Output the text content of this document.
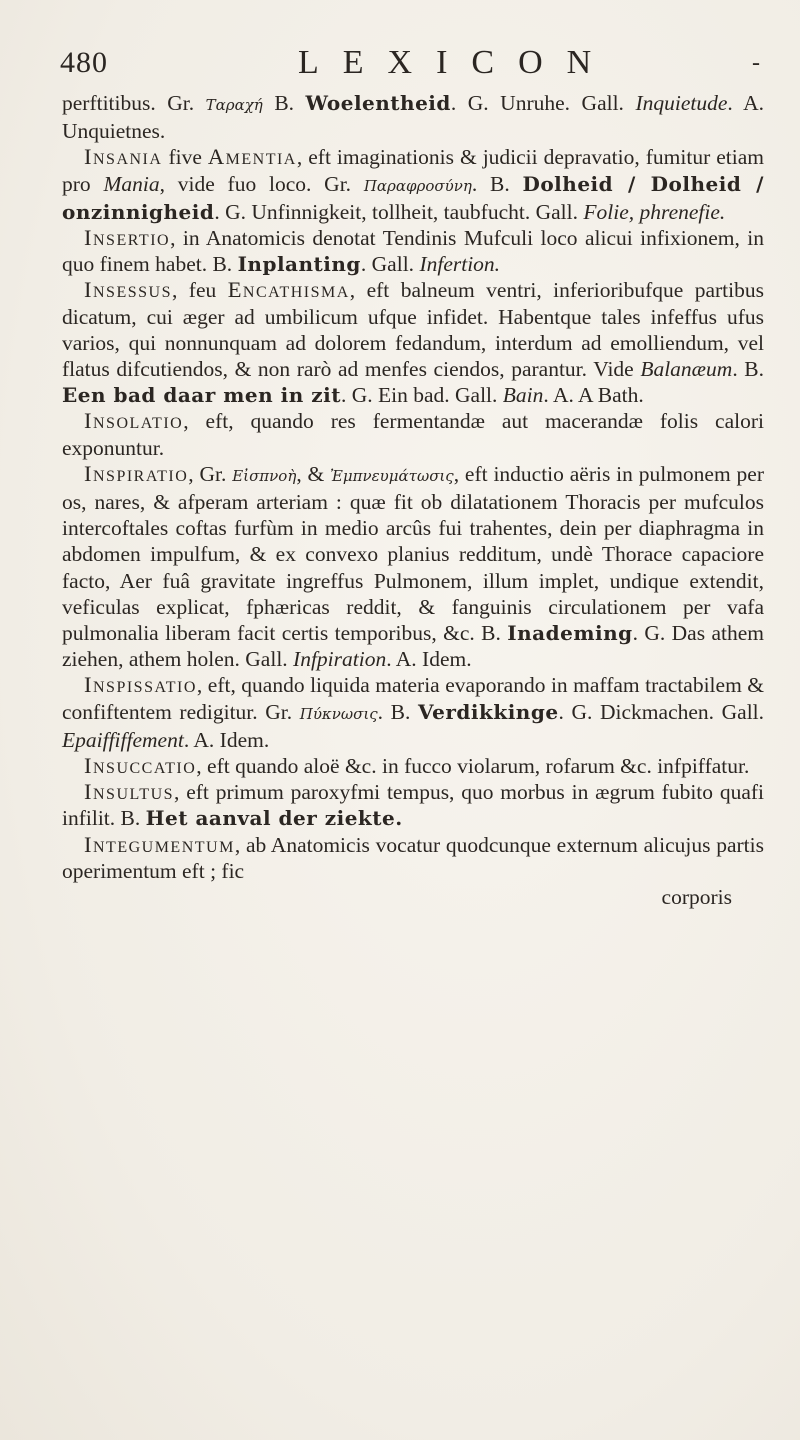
480	LEXICON	-

perftitibus. Gr. Ταραχή B. Woelentheid. G. Unruhe. Gall. Inquietude. A. Unquietnes.

Insania five Amentia, eft imaginationis & judicii depravatio, fumitur etiam pro Mania, vide fuo loco. Gr. Παραφροσύνη. B. Dolheid / Dolheid / onzinnigheid. G. Unfinnigkeit, tollheit, taubfucht. Gall. Folie, phrenefie.

Insertio, in Anatomicis denotat Tendinis Mufculi loco alicui infixionem, in quo finem habet. B. Inplanting. Gall. Infertion.

Insessus, feu Encathisma, eft balneum ventri, inferioribufque partibus dicatum, cui æger ad umbilicum ufque infidet. Habentque tales infeffus ufus varios, qui nonnunquam ad dolorem fedandum, interdum ad emolliendum, vel flatus difcutiendos, & non rarò ad menfes ciendos, parantur. Vide Balanæum. B. Een bad daar men in zit. G. Ein bad. Gall. Bain. A. A Bath.

Insolatio, eft, quando res fermentandæ aut macerandæ folis calori exponuntur.

Inspiratio, Gr. Εἰσπνοὴ, & Ἐμπνευμάτωσις, eft inductio aëris in pulmonem per os, nares, & afperam arteriam : quæ fit ob dilatationem Thoracis per mufculos intercoftales coftas furfùm in medio arcûs fui trahentes, dein per diaphragma in abdomen impulfum, & ex convexo planius redditum, undè Thorace capaciore facto, Aer fuâ gravitate ingreffus Pulmonem, illum implet, undique extendit, veficulas explicat, fphæricas reddit, & fanguinis circulationem per vafa pulmonalia liberam facit certis temporibus, &c. B. Inademing. G. Das athem ziehen, athem holen. Gall. Infpiration. A. Idem.

Inspissatio, eft, quando liquida materia evaporando in maffam tractabilem & confiftentem redigitur. Gr. Πύκνωσις. B. Verdikkinge. G. Dickmachen. Gall. Epaiffiffement. A. Idem.

Insuccatio, eft quando aloë &c. in fucco violarum, rofarum &c. infpiffatur.

Insultus, eft primum paroxyfmi tempus, quo morbus in ægrum fubito quafi infilit. B. Het aanval der ziekte.

Integumentum, ab Anatomicis vocatur quodcunque externum alicujus partis operimentum eft ; fic

corporis
